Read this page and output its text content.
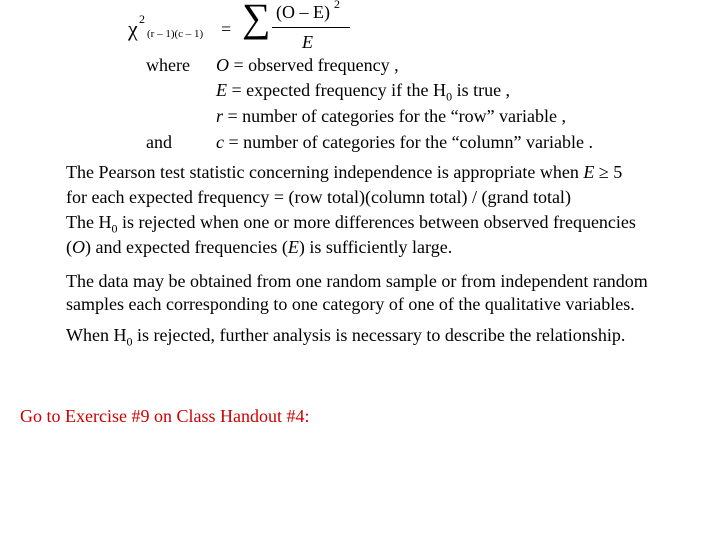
χ 2
(r – 1)(c – 1) = ∑ (O – E) 2
E
where O = observed frequency ,
E = expected frequency if the $H_0$ is true ,
r = number of categories for the “row” variable ,
and c = number of categories for the “column” variable .
The Pearson test statistic concerning independence is appropriate when E ≥ 5
for each expected frequency = (row total)(column total) / (grand total)
The $H_0$ is rejected when one or more differences between observed frequencies
(O) and expected frequencies (E) is sufficiently large.
The data may be obtained from one random sample or from independent random
samples each corresponding to one category of one of the qualitative variables.
When $H_0$ is rejected, further analysis is necessary to describe the relationship.
Go to Exercise #9 on Class Handout #4:
